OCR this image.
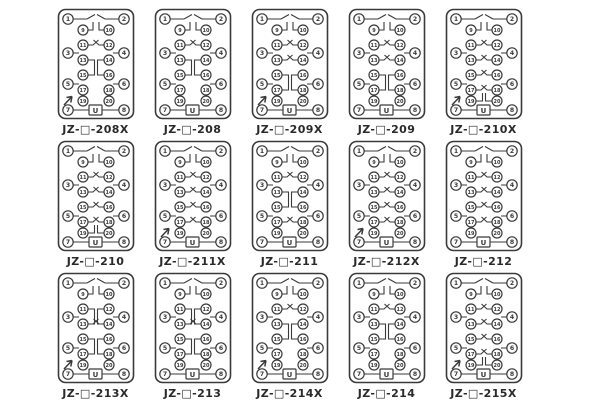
U
1
3
5
7
2
4
6
8
9
11
13
15
17
19
10
12
14
16
18
20
JZ-□-208X
U
1
3
5
7
2
4
6
8
9
11
13
15
17
19
10
12
14
16
18
20
JZ-□-208
U
1
3
5
7
2
4
6
8
9
11
13
15
17
19
10
12
14
16
18
20
JZ-□-209X
U
1
3
5
7
2
4
6
8
9
11
13
15
17
19
10
12
14
16
18
20
JZ-□-209
U
1
3
5
7
2
4
6
8
9
11
13
15
17
19
10
12
14
16
18
20
JZ-□-210X
U
1
3
5
7
2
4
6
8
9
11
13
15
17
19
10
12
14
16
18
20
JZ-□-210
U
1
3
5
7
2
4
6
8
9
11
13
15
17
19
10
12
14
16
18
20
JZ-□-211X
U
1
3
5
7
2
4
6
8
9
11
13
15
17
19
10
12
14
16
18
20
JZ-□-211
U
1
3
5
7
2
4
6
8
9
11
13
15
17
19
10
12
14
16
18
20
JZ-□-212X
U
1
3
5
7
2
4
6
8
9
11
13
15
17
19
10
12
14
16
18
20
JZ-□-212
U
1
3
5
7
2
4
6
8
9
11
13
15
17
19
10
12
14
16
18
20
JZ-□-213X
U
1
3
5
7
2
4
6
8
9
11
13
15
17
19
10
12
14
16
18
20
JZ-□-213
U
1
3
5
7
2
4
6
8
9
11
13
15
17
19
10
12
14
16
18
20
JZ-□-214X
U
1
3
5
7
2
4
6
8
9
11
13
15
17
19
10
12
14
16
18
20
JZ-□-214
U
1
3
5
7
2
4
6
8
9
11
13
15
17
19
10
12
14
16
18
20
JZ-□-215X
